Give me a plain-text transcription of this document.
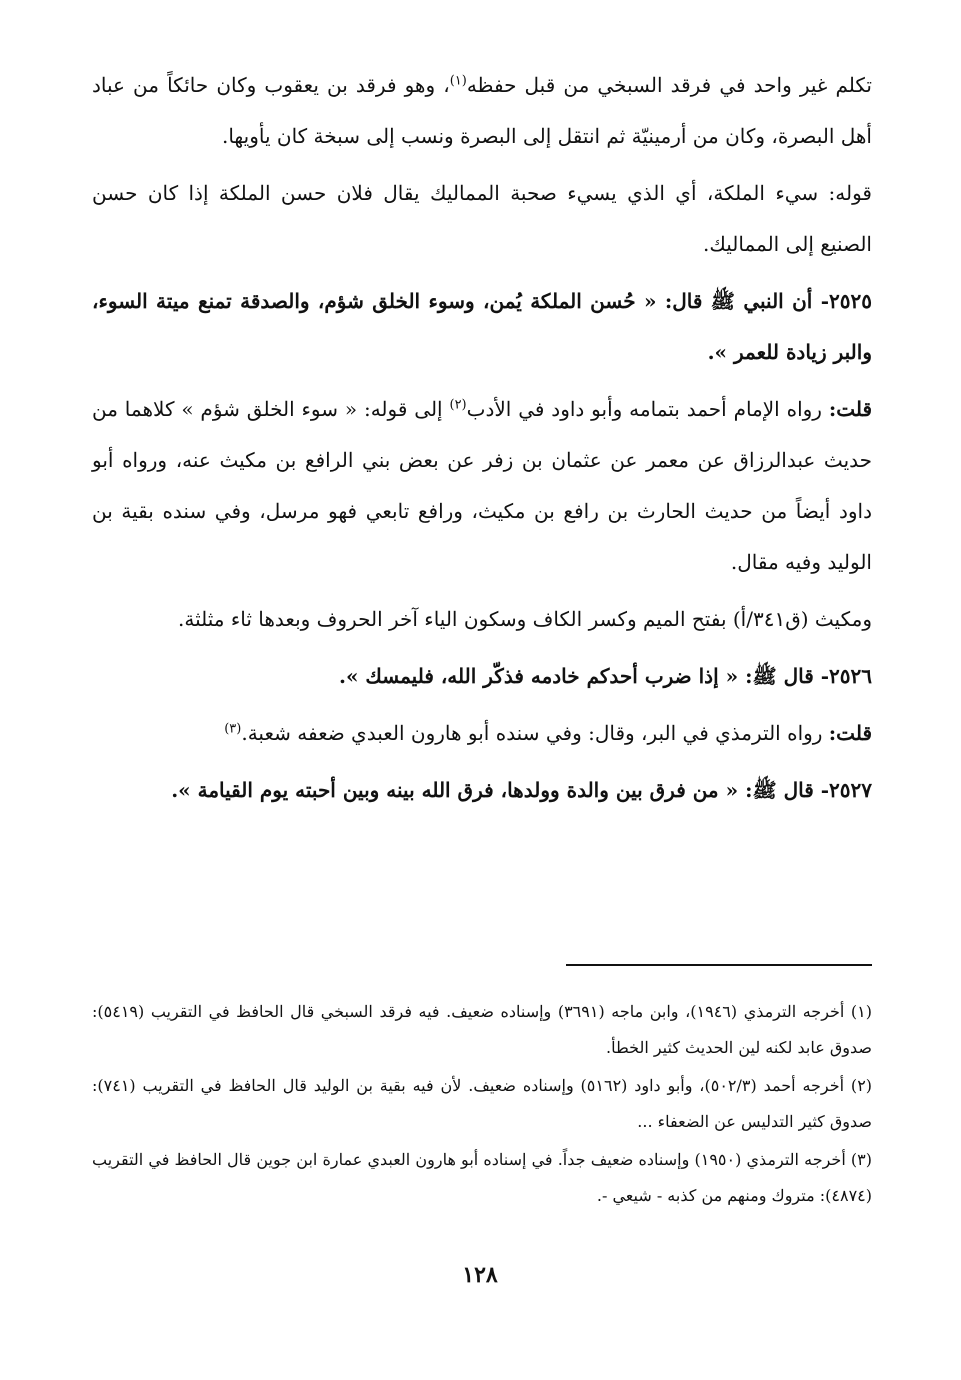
تكلم غير واحد في فرقد السبخي من قبل حفظه$^{(١)}$، وهو فرقد بن يعقوب وكان حائكاً من عباد أهل البصرة، وكان من أرمينيّة ثم انتقل إلى البصرة ونسب إلى سبخة كان يأويها.

قوله: سيء الملكة، أي الذي يسيء صحبة المماليك يقال فلان حسن الملكة إذا كان حسن الصنيع إلى المماليك.

٢٥٢٥- أن النبي ﷺ قال: « حُسن الملكة يُمن، وسوء الخلق شؤم، والصدقة تمنع ميتة السوء، والبر زيادة للعمر ».

قلت: رواه الإمام أحمد بتمامه وأبو داود في الأدب$^{(٢)}$ إلى قوله: « سوء الخلق شؤم » كلاهما من حديث عبدالرزاق عن معمر عن عثمان بن زفر عن بعض بني الرافع بن مكيث عنه، ورواه أبو داود أيضاً من حديث الحارث بن رافع بن مكيث، ورافع تابعي فهو مرسل، وفي سنده بقية بن الوليد وفيه مقال.

ومكيث (ق٣٤١/أ) بفتح الميم وكسر الكاف وسكون الياء آخر الحروف وبعدها ثاء مثلثة.

٢٥٢٦- قال ﷺ: « إذا ضرب أحدكم خادمه فذكّر الله، فليمسك ».

قلت: رواه الترمذي في البر، وقال: وفي سنده أبو هارون العبدي ضعفه شعبة.$^{(٣)}$

٢٥٢٧- قال ﷺ: « من فرق بين والدة وولدها، فرق الله بينه وبين أحبته يوم القيامة ».

(١) أخرجه الترمذي (١٩٤٦)، وابن ماجه (٣٦٩١) وإسناده ضعيف. فيه فرقد السبخي قال الحافظ في التقريب (٥٤١٩): صدوق عابد لكنه لين الحديث كثير الخطأ.

(٢) أخرجه أحمد (٥٠٢/٣)، وأبو داود (٥١٦٢) وإسناده ضعيف. لأن فيه بقية بن الوليد قال الحافظ في التقريب (٧٤١): صدوق كثير التدليس عن الضعفاء ...

(٣) أخرجه الترمذي (١٩٥٠) وإسناده ضعيف جداً. في إسناده أبو هارون العبدي عمارة ابن جوين قال الحافظ في التقريب (٤٨٧٤): متروك ومنهم من كذبه - شيعي -.

١٢٨
